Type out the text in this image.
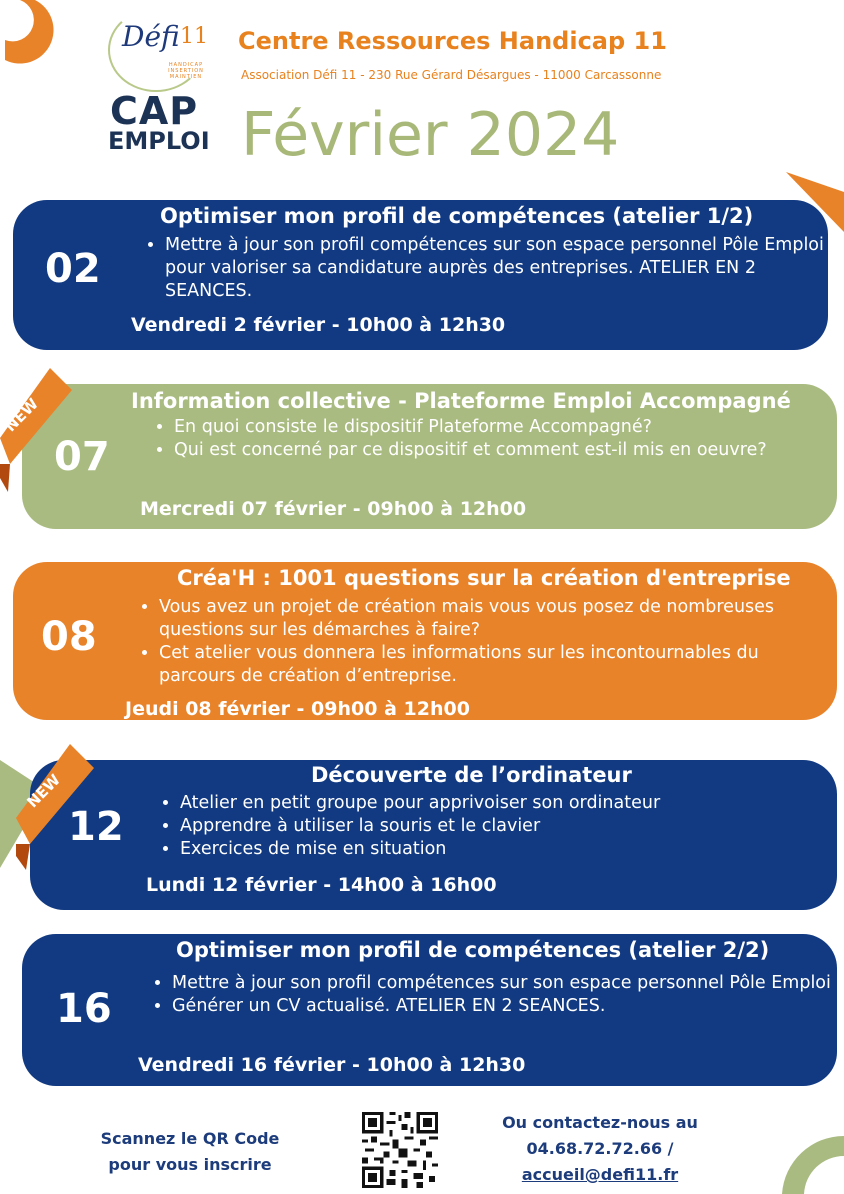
Défi 11
HANDICAP INSERTION MAINTIEN
CAP
EMPLOI
Centre Ressources Handicap 11
Association Défi 11 - 230 Rue Gérard Désargues - 11000 Carcassonne
Février 2024
02
Optimiser mon profil de compétences (atelier 1/2)
• Mettre à jour son profil compétences sur son espace personnel Pôle Emploi pour valoriser sa candidature auprès des entreprises. ATELIER EN 2 SEANCES.
Vendredi 2 février - 10h00 à 12h30
07
Information collective - Plateforme Emploi Accompagné
• En quoi consiste le dispositif Plateforme Accompagné?
• Qui est concerné par ce dispositif et comment est-il mis en oeuvre?
Mercredi 07 février - 09h00 à 12h00
NEW
08
Créa'H : 1001 questions sur la création d'entreprise
• Vous avez un projet de création mais vous vous posez de nombreuses questions sur les démarches à faire?
• Cet atelier vous donnera les informations sur les incontournables du parcours de création d’entreprise.
Jeudi 08 février - 09h00 à 12h00
12
Découverte de l’ordinateur
• Atelier en petit groupe pour apprivoiser son ordinateur
• Apprendre à utiliser la souris et le clavier
• Exercices de mise en situation
Lundi 12 février - 14h00 à 16h00
NEW
16
Optimiser mon profil de compétences (atelier 2/2)
• Mettre à jour son profil compétences sur son espace personnel Pôle Emploi
• Générer un CV actualisé. ATELIER EN 2 SEANCES.
Vendredi 16 février - 10h00 à 12h30
Scannez le QR Code
pour vous inscrire
Ou contactez-nous au
04.68.72.72.66 /
accueil@defi11.fr
